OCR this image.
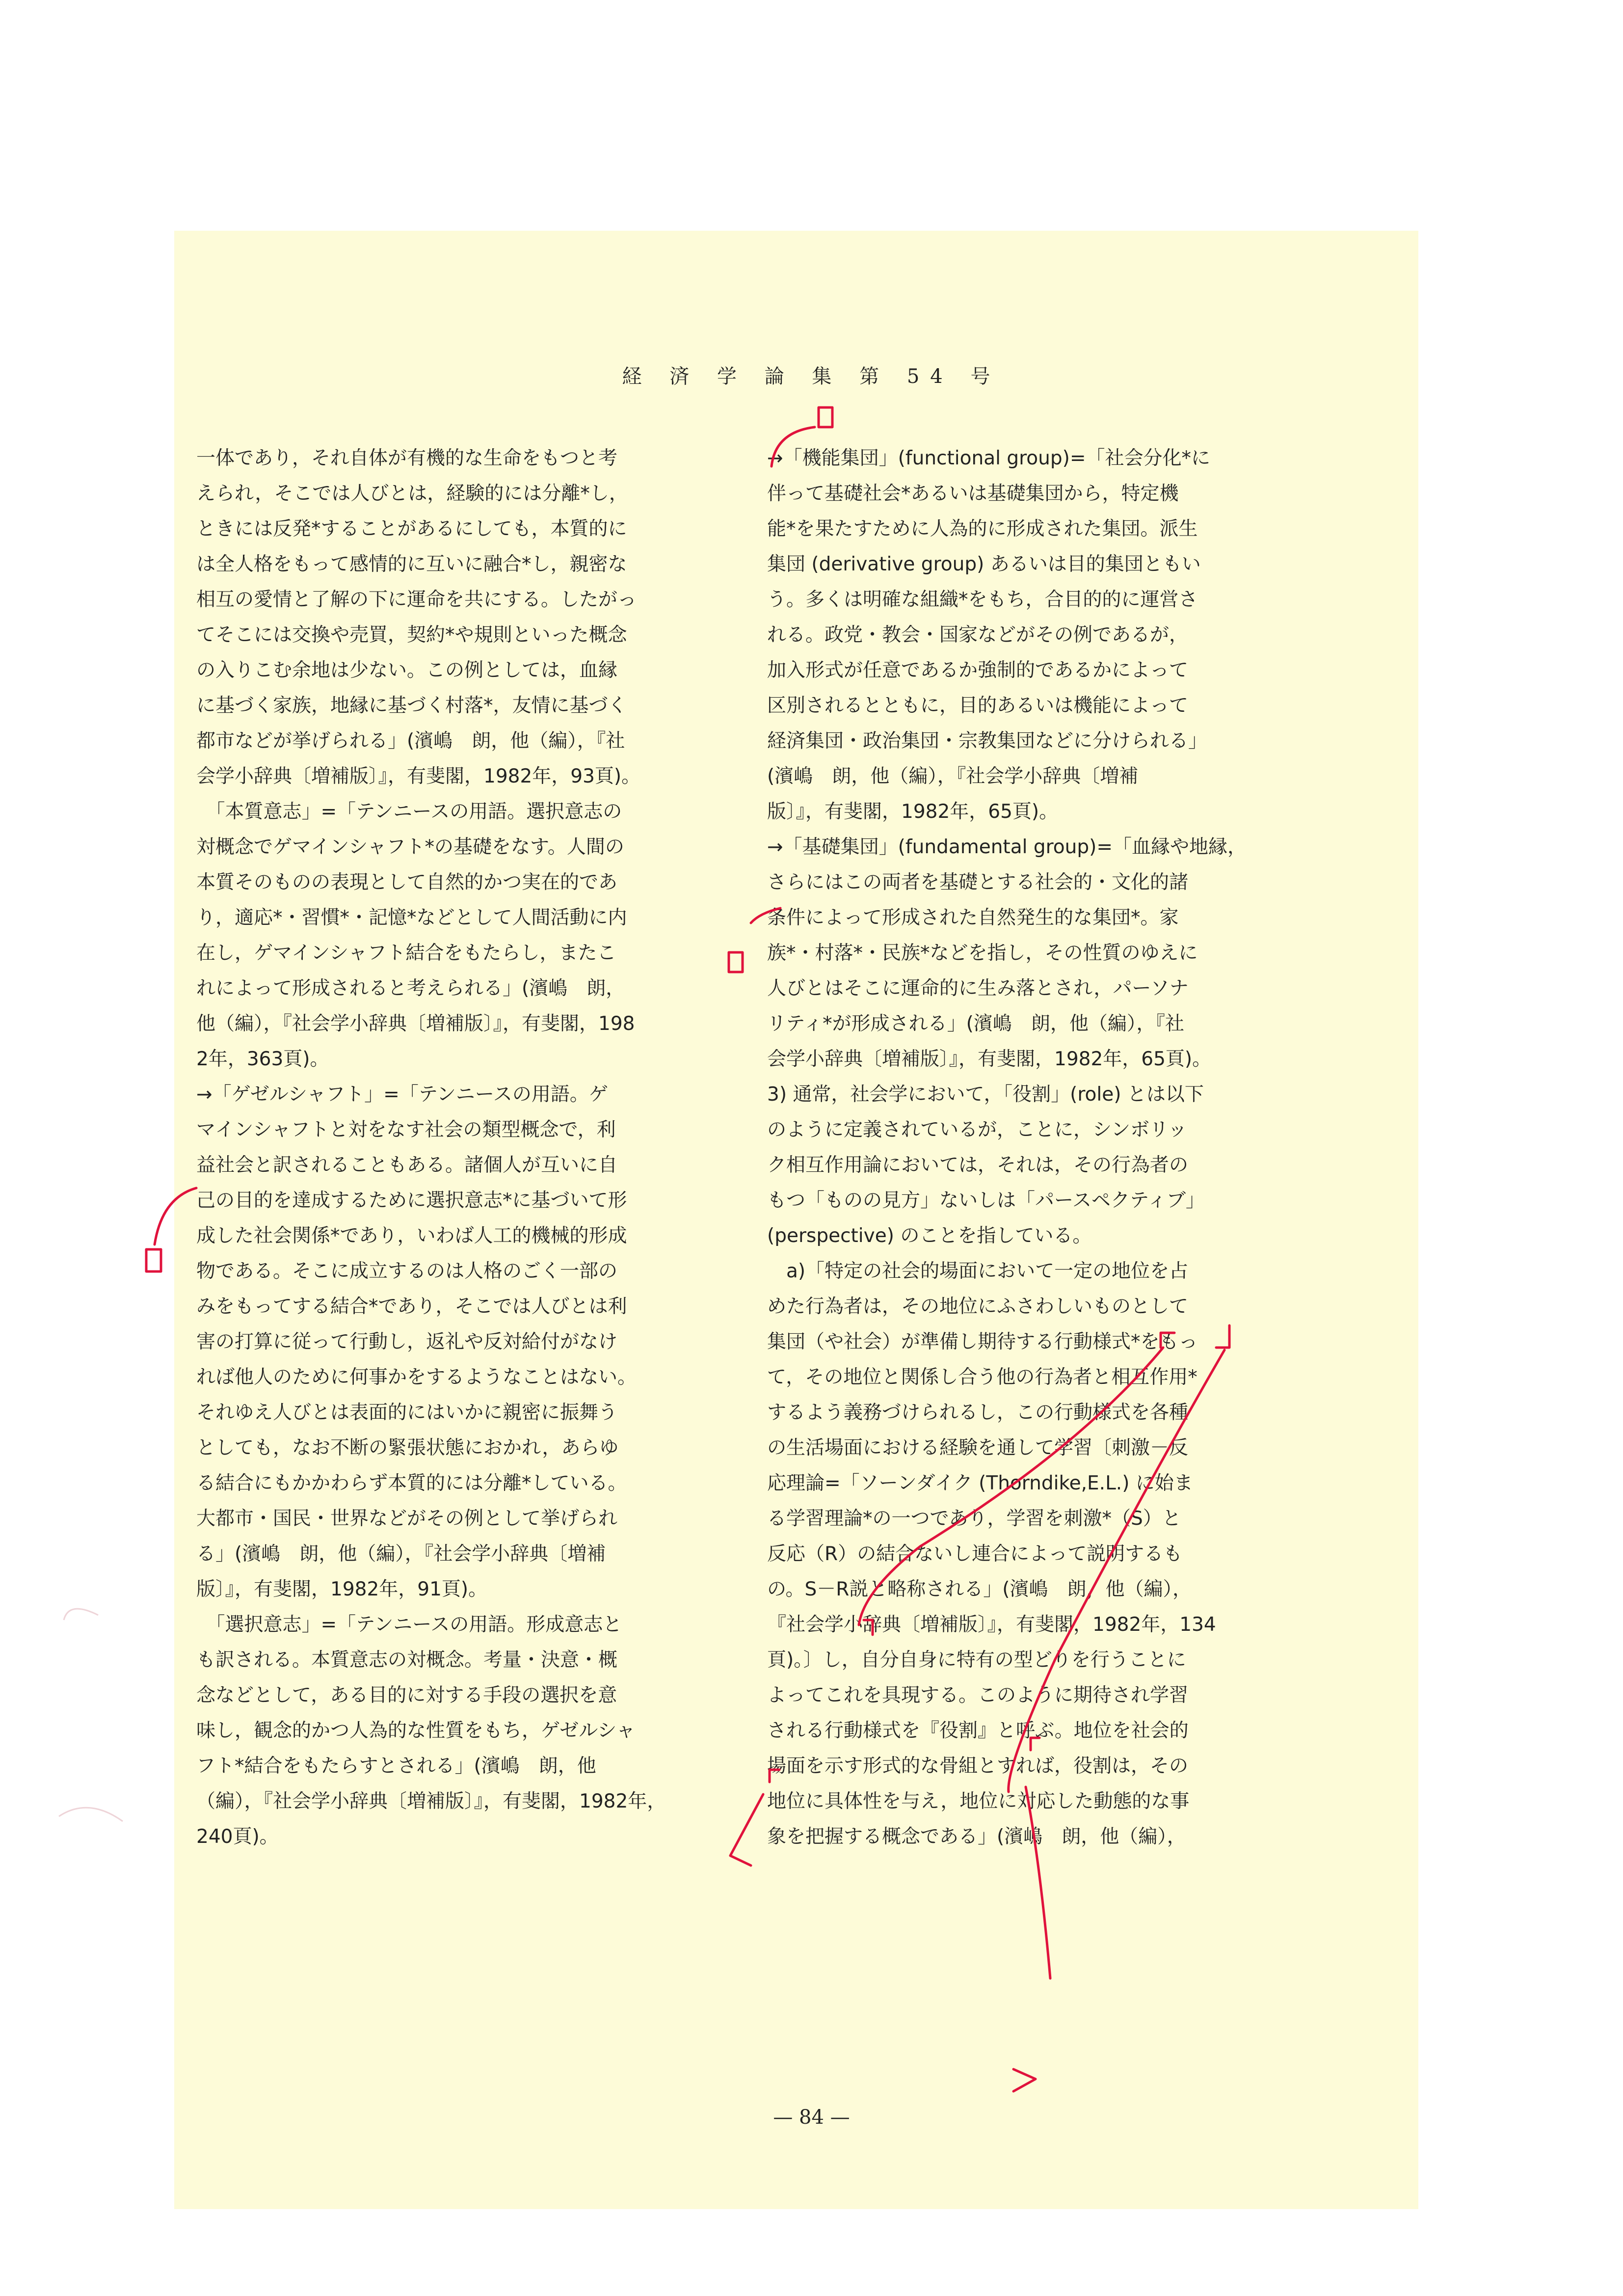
経 済 学 論 集 第 54 号
一体であり，それ自体が有機的な生命をもつと考
えられ，そこでは人びとは，経験的には分離*し，
ときには反発*することがあるにしても，本質的に
は全人格をもって感情的に互いに融合*し，親密な
相互の愛情と了解の下に運命を共にする。したがっ
てそこには交換や売買，契約*や規則といった概念
の入りこむ余地は少ない。この例としては，血縁
に基づく家族，地縁に基づく村落*，友情に基づく
都市などが挙げられる」(濱嶋　朗，他（編），『社
会学小辞典〔増補版〕』，有斐閣，1982年，93頁)。
　「本質意志」=「テンニースの用語。選択意志の
対概念でゲマインシャフト*の基礎をなす。人間の
本質そのものの表現として自然的かつ実在的であ
り，適応*・習慣*・記憶*などとして人間活動に内
在し，ゲマインシャフト結合をもたらし，またこ
れによって形成されると考えられる」(濱嶋　朗，
他（編），『社会学小辞典〔増補版〕』，有斐閣，198
2年，363頁)。
→「ゲゼルシャフト」=「テンニースの用語。ゲ
マインシャフトと対をなす社会の類型概念で，利
益社会と訳されることもある。諸個人が互いに自
己の目的を達成するために選択意志*に基づいて形
成した社会関係*であり，いわば人工的機械的形成
物である。そこに成立するのは人格のごく一部の
みをもってする結合*であり，そこでは人びとは利
害の打算に従って行動し，返礼や反対給付がなけ
れば他人のために何事かをするようなことはない。
それゆえ人びとは表面的にはいかに親密に振舞う
としても，なお不断の緊張状態におかれ，あらゆ
る結合にもかかわらず本質的には分離*している。
大都市・国民・世界などがその例として挙げられ
る」(濱嶋　朗，他（編），『社会学小辞典〔増補
版〕』，有斐閣，1982年，91頁)。
　「選択意志」=「テンニースの用語。形成意志と
も訳される。本質意志の対概念。考量・決意・概
念などとして，ある目的に対する手段の選択を意
味し，観念的かつ人為的な性質をもち，ゲゼルシャ
フト*結合をもたらすとされる」(濱嶋　朗，他
（編），『社会学小辞典〔増補版〕』，有斐閣，1982年，
240頁)。
→「機能集団」(functional group)=「社会分化*に
伴って基礎社会*あるいは基礎集団から，特定機
能*を果たすために人為的に形成された集団。派生
集団 (derivative group) あるいは目的集団ともい
う。多くは明確な組織*をもち，合目的的に運営さ
れる。政党・教会・国家などがその例であるが，
加入形式が任意であるか強制的であるかによって
区別されるとともに，目的あるいは機能によって
経済集団・政治集団・宗教集団などに分けられる」
(濱嶋　朗，他（編），『社会学小辞典〔増補
版〕』，有斐閣，1982年，65頁)。
→「基礎集団」(fundamental group)=「血縁や地縁，
さらにはこの両者を基礎とする社会的・文化的諸
条件によって形成された自然発生的な集団*。家
族*・村落*・民族*などを指し，その性質のゆえに
人びとはそこに運命的に生み落とされ，パーソナ
リティ*が形成される」(濱嶋　朗，他（編），『社
会学小辞典〔増補版〕』，有斐閣，1982年，65頁)。
3) 通常，社会学において，「役割」(role) とは以下
のように定義されているが，ことに，シンボリッ
ク相互作用論においては，それは，その行為者の
もつ「ものの見方」ないしは「パースペクティブ」
(perspective) のことを指している。
　a)「特定の社会的場面において一定の地位を占
めた行為者は，その地位にふさわしいものとして
集団（や社会）が準備し期待する行動様式*をもっ
て，その地位と関係し合う他の行為者と相互作用*
するよう義務づけられるし，この行動様式を各種
の生活場面における経験を通して学習〔刺激－反
応理論=「ソーンダイク (Thorndike,E.L.) に始ま
る学習理論*の一つであり，学習を刺激*（S）と
反応（R）の結合ないし連合によって説明するも
の。S－R説と略称される」(濱嶋　朗，他（編），
『社会学小辞典〔増補版〕』，有斐閣，1982年，134
頁)。〕し，自分自身に特有の型どりを行うことに
よってこれを具現する。このように期待され学習
される行動様式を『役割』と呼ぶ。地位を社会的
場面を示す形式的な骨組とすれば，役割は，その
地位に具体性を与え，地位に対応した動態的な事
象を把握する概念である」(濱嶋　朗，他（編），
— 84 —
